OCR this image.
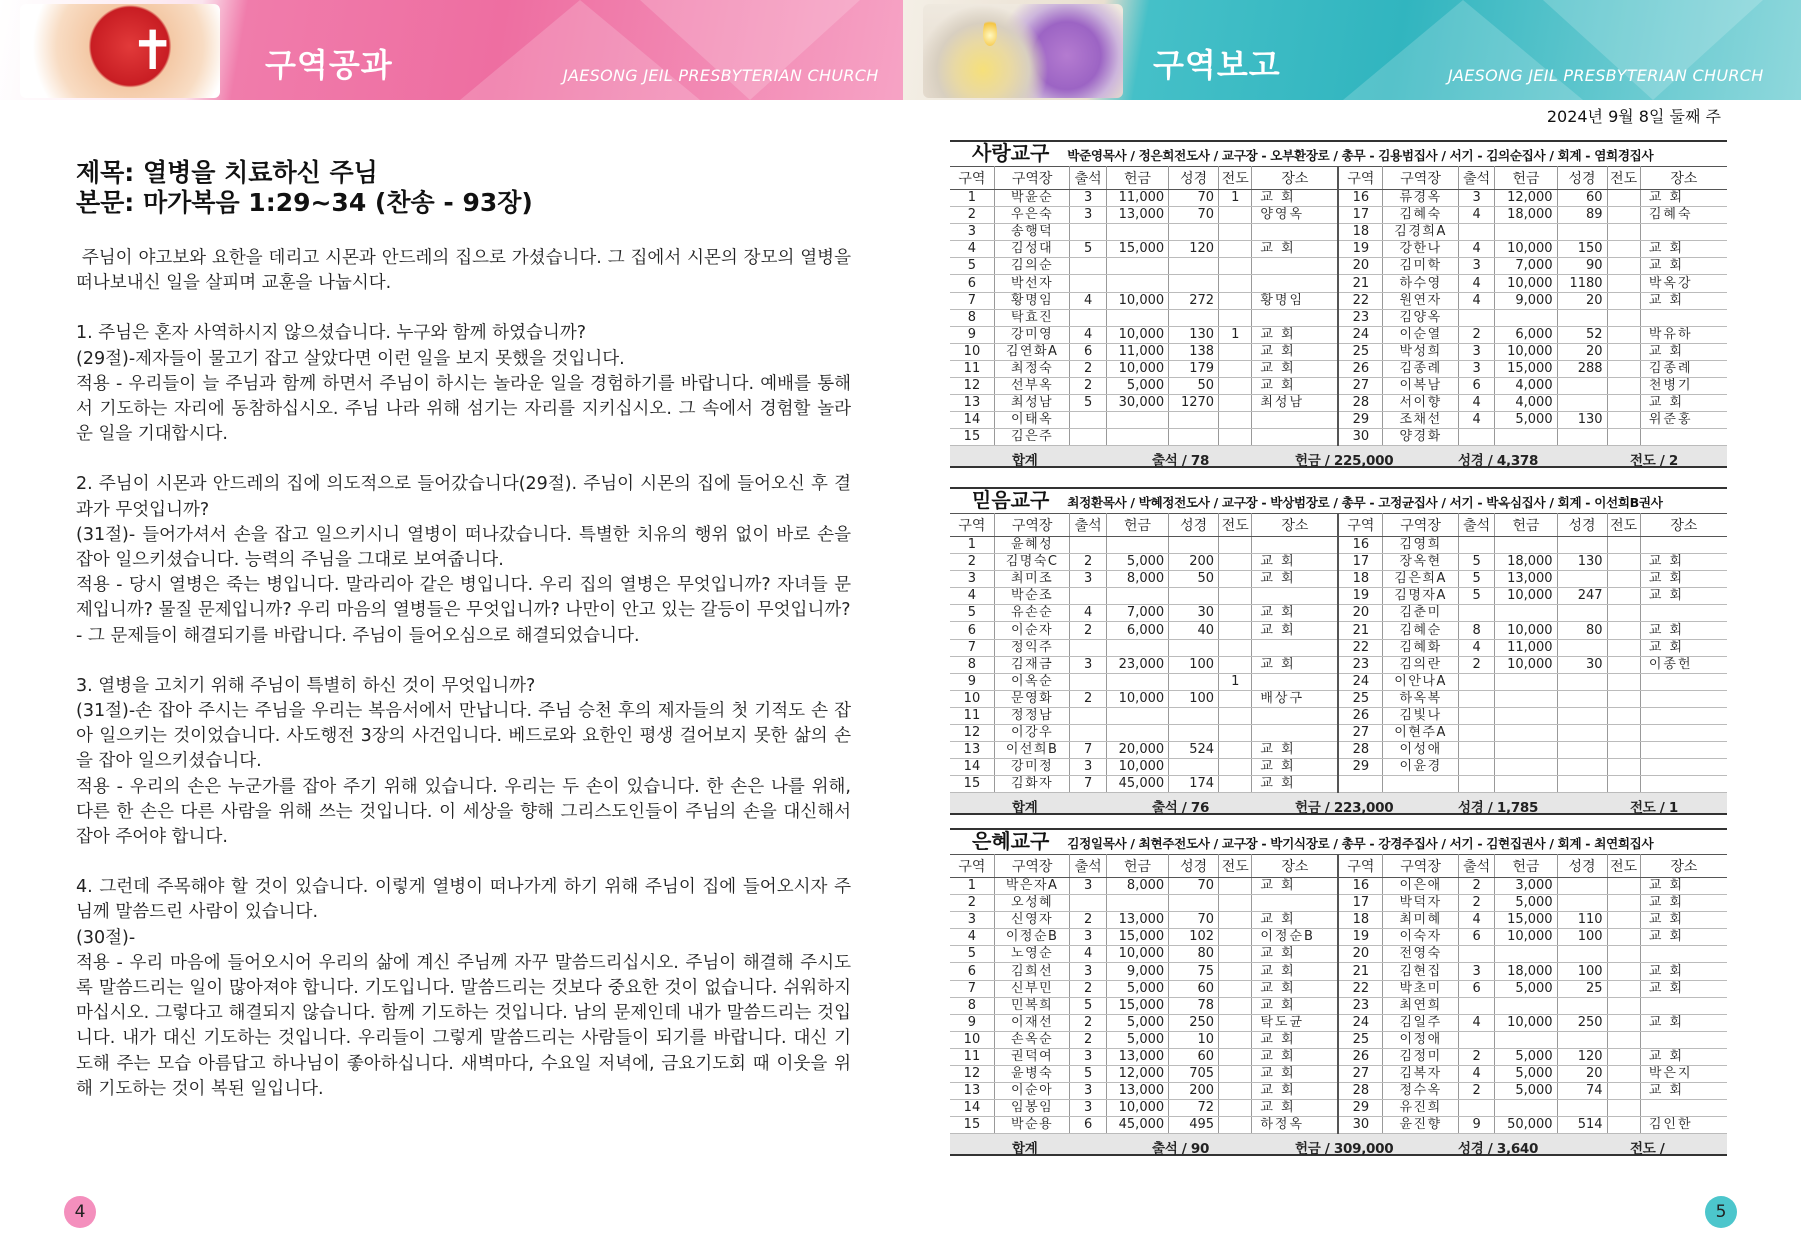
✝	구역공과	JAESONG JEIL PRESBYTERIAN CHURCH	구역보고	JAESONG JEIL PRESBYTERIAN CHURCH
제목: 열병을 치료하신 주님
본문: 마가복음 1:29~34 (찬송 - 93장)

주님이 야고보와 요한을 데리고 시몬과 안드레의 집으로 가셨습니다. 그 집에서 시몬의 장모의 열병을 떠나보내신 일을 살피며 교훈을 나눕시다.

1. 주님은 혼자 사역하시지 않으셨습니다. 누구와 함께 하였습니까?

(29절)-제자들이 물고기 잡고 살았다면 이런 일을 보지 못했을 것입니다.

적용 - 우리들이 늘 주님과 함께 하면서 주님이 하시는 놀라운 일을 경험하기를 바랍니다. 예배를 통해서 기도하는 자리에 동참하십시오. 주님 나라 위해 섬기는 자리를 지키십시오. 그 속에서 경험할 놀라운 일을 기대합시다.

2. 주님이 시몬과 안드레의 집에 의도적으로 들어갔습니다(29절). 주님이 시몬의 집에 들어오신 후 결과가 무엇입니까?

(31절)- 들어가셔서 손을 잡고 일으키시니 열병이 떠나갔습니다. 특별한 치유의 행위 없이 바로 손을 잡아 일으키셨습니다. 능력의 주님을 그대로 보여줍니다.

적용 - 당시 열병은 죽는 병입니다. 말라리아 같은 병입니다. 우리 집의 열병은 무엇입니까? 자녀들 문제입니까? 물질 문제입니까? 우리 마음의 열병들은 무엇입니까? 나만이 안고 있는 갈등이 무엇입니까?

- 그 문제들이 해결되기를 바랍니다. 주님이 들어오심으로 해결되었습니다.

3. 열병을 고치기 위해 주님이 특별히 하신 것이 무엇입니까?

(31절)-손 잡아 주시는 주님을 우리는 복음서에서 만납니다. 주님 승천 후의 제자들의 첫 기적도 손 잡아 일으키는 것이었습니다. 사도행전 3장의 사건입니다. 베드로와 요한인 평생 걸어보지 못한 삶의 손을 잡아 일으키셨습니다.

적용 - 우리의 손은 누군가를 잡아 주기 위해 있습니다. 우리는 두 손이 있습니다. 한 손은 나를 위해, 다른 한 손은 다른 사람을 위해 쓰는 것입니다. 이 세상을 향해 그리스도인들이 주님의 손을 대신해서 잡아 주어야 합니다.

4. 그런데 주목해야 할 것이 있습니다. 이렇게 열병이 떠나가게 하기 위해 주님이 집에 들어오시자 주님께 말씀드린 사람이 있습니다.

(30절)-

적용 - 우리 마음에 들어오시어 우리의 삶에 계신 주님께 자꾸 말씀드리십시오. 주님이 해결해 주시도록 말씀드리는 일이 많아져야 합니다. 기도입니다. 말씀드리는 것보다 중요한 것이 없습니다. 쉬워하지 마십시오. 그렇다고 해결되지 않습니다. 함께 기도하는 것입니다. 남의 문제인데 내가 말씀드리는 것입니다. 내가 대신 기도하는 것입니다. 우리들이 그렇게 말씀드리는 사람들이 되기를 바랍니다. 대신 기도해 주는 모습 아름답고 하나님이 좋아하십니다. 새벽마다, 수요일 저녁에, 금요기도회 때 이웃을 위해 기도하는 것이 복된 일입니다.

2024년 9월 8일 둘째 주
사랑교구 박준영목사 / 정은희전도사 / 교구장 - 오부환장로 / 총무 - 김용범집사 / 서기 - 김의순집사 / 회계 - 염희경집사
구역	구역장	출석	헌금	성경	전도	장소	구역	구역장	출석	헌금	성경	전도	장소
1	박윤순	3	11,000	70	1	교 회	16	류경옥	3	12,000	60		교 회
2	우은숙	3	13,000	70		양영옥	17	김혜숙	4	18,000	89		김혜숙
3	송행덕						18	김경희A					
4	김성대	5	15,000	120		교 회	19	강한나	4	10,000	150		교 회
5	김의순						20	김미학	3	7,000	90		교 회
6	박선자						21	하수영	4	10,000	1180		박옥강
7	황명임	4	10,000	272		황명임	22	원연자	4	9,000	20		교 회
8	탁효진						23	김양옥					
9	강미영	4	10,000	130	1	교 회	24	이순열	2	6,000	52		박유하
10	김연화A	6	11,000	138		교 회	25	박성희	3	10,000	20		교 회
11	최정숙	2	10,000	179		교 회	26	김종례	3	15,000	288		김종례
12	선부옥	2	5,000	50		교 회	27	이복남	6	4,000			천병기
13	최성남	5	30,000	1270		최성남	28	서이향	4	4,000			교 회
14	이태옥						29	조채선	4	5,000	130		위준홍
15	김은주						30	양경화					
합계	출석 / 78	헌금 / 225,000	성경 / 4,378	전도 / 2
믿음교구 최정환목사 / 박혜정전도사 / 교구장 - 박상범장로 / 총무 - 고정균집사 / 서기 - 박옥심집사 / 회계 - 이선희B권사
구역	구역장	출석	헌금	성경	전도	장소	구역	구역장	출석	헌금	성경	전도	장소
1	윤혜성						16	김영희					
2	김명숙C	2	5,000	200		교 회	17	장옥현	5	18,000	130		교 회
3	최미조	3	8,000	50		교 회	18	김은희A	5	13,000			교 회
4	박순조						19	김명자A	5	10,000	247		교 회
5	유손순	4	7,000	30		교 회	20	김춘미					
6	이순자	2	6,000	40		교 회	21	김혜순	8	10,000	80		교 회
7	정익주						22	김혜화	4	11,000			교 회
8	김재금	3	23,000	100		교 회	23	김의란	2	10,000	30		이종헌
9	이옥순				1		24	이안나A					
10	문영화	2	10,000	100		배상구	25	하옥복					
11	정정남						26	김빛나					
12	이강우						27	이현주A					
13	이선희B	7	20,000	524		교 회	28	이성애					
14	강미정	3	10,000			교 회	29	이윤경					
15	김화자	7	45,000	174		교 회							
합계	출석 / 76	헌금 / 223,000	성경 / 1,785	전도 / 1
은혜교구 김정일목사 / 최현주전도사 / 교구장 - 박기식장로 / 총무 - 강경주집사 / 서기 - 김현집권사 / 회계 - 최연희집사
구역	구역장	출석	헌금	성경	전도	장소	구역	구역장	출석	헌금	성경	전도	장소
1	박은자A	3	8,000	70		교 회	16	이은애	2	3,000			교 회
2	오성혜						17	박덕자	2	5,000			교 회
3	신영자	2	13,000	70		교 회	18	최미혜	4	15,000	110		교 회
4	이정순B	3	15,000	102		이정순B	19	이숙자	6	10,000	100		교 회
5	노영순	4	10,000	80		교 회	20	전영숙					
6	김희선	3	9,000	75		교 회	21	김현집	3	18,000	100		교 회
7	신부민	2	5,000	60		교 회	22	박초미	6	5,000	25		교 회
8	민복희	5	15,000	78		교 회	23	최연희					
9	이재선	2	5,000	250		탁도균	24	김일주	4	10,000	250		교 회
10	손옥순	2	5,000	10		교 회	25	이정애					
11	권덕여	3	13,000	60		교 회	26	김정미	2	5,000	120		교 회
12	윤병숙	5	12,000	705		교 회	27	김복자	4	5,000	20		박은지
13	이순아	3	13,000	200		교 회	28	정수옥	2	5,000	74		교 회
14	임봉임	3	10,000	72		교 회	29	유진희					
15	박순용	6	45,000	495		하정옥	30	윤진향	9	50,000	514		김인한
합계	출석 / 90	헌금 / 309,000	성경 / 3,640	전도 /
4	5
